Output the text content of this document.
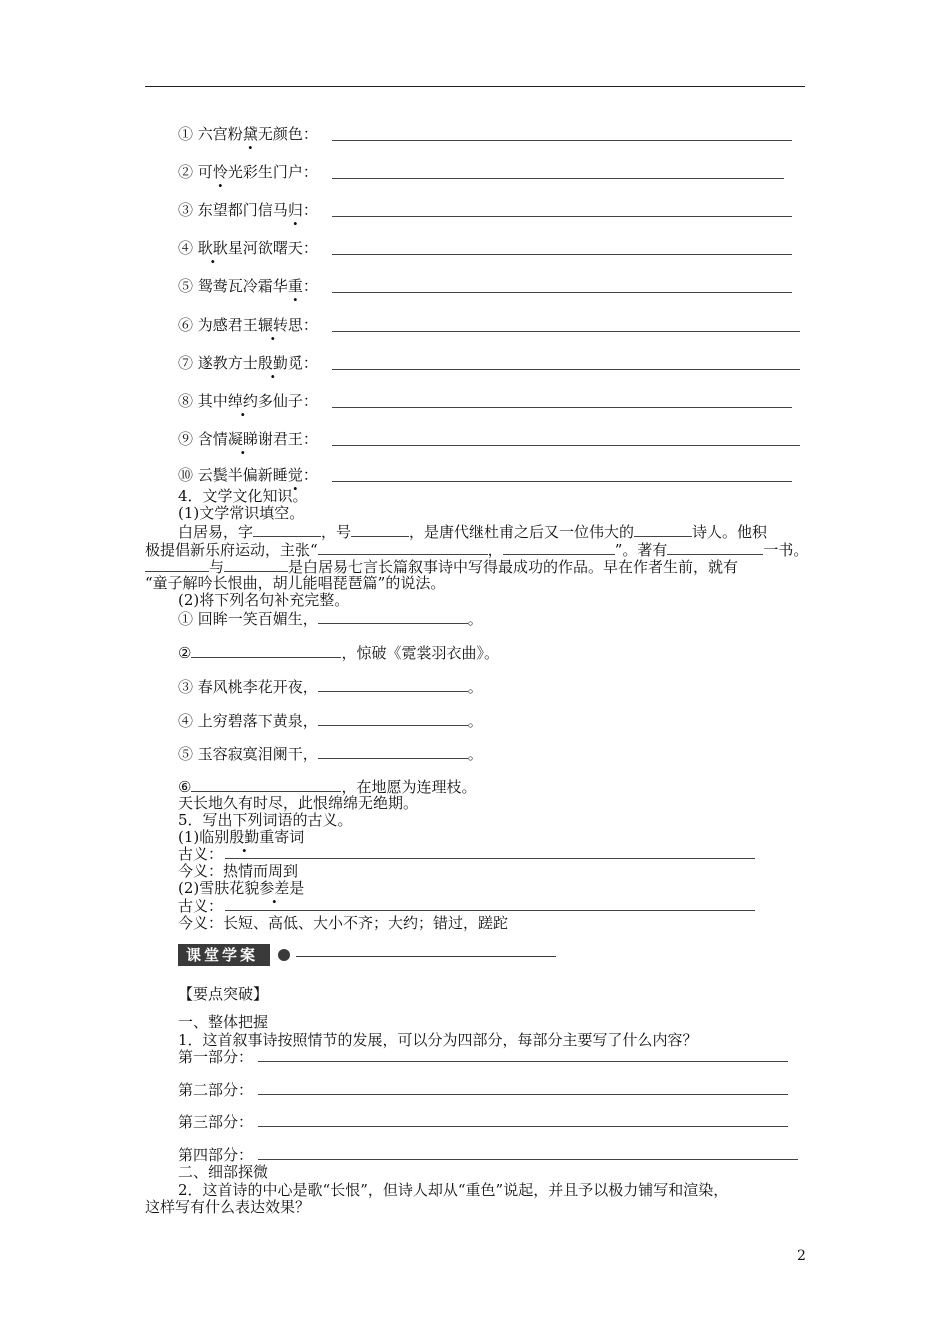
① 六宫粉黛无颜色：
② 可怜光彩生门户：
③ 东望都门信马归：
④ 耿耿星河欲曙天：
⑤ 鸳鸯瓦冷霜华重：
⑥ 为感君王辗转思：
⑦ 遂教方士殷勤觅：
⑧ 其中绰约多仙子：
⑨ 含情凝睇谢君王：
⑩ 云鬓半偏新睡觉：
4．文学文化知识。
(1)文学常识填空。
白居易，字	，号	，是唐代继杜甫之后又一位伟大的	诗人。他积
极提倡新乐府运动，主张“	，	”。著有	一书。
与	是白居易七言长篇叙事诗中写得最成功的作品。早在作者生前，就有
“童子解吟长恨曲，胡儿能唱琵琶篇”的说法。
(2)将下列名句补充完整。
① 回眸一笑百媚生，	。
②	，惊破《霓裳羽衣曲》。
③ 春风桃李花开夜，	。
④ 上穷碧落下黄泉，	。
⑤ 玉容寂寞泪阑干，	。
⑥	，在地愿为连理枝。
天长地久有时尽，此恨绵绵无绝期。
5．写出下列词语的古义。
(1)临别殷勤重寄词
古义：
今义：热情而周到
(2)雪肤花貌参差是
古义：
今义：长短、高低、大小不齐；大约；错过，蹉跎
课堂学案
【要点突破】
一、整体把握
1．这首叙事诗按照情节的发展，可以分为四部分，每部分主要写了什么内容？
第一部分：
第二部分：
第三部分：
第四部分：
二、细部探微
2．这首诗的中心是歌“长恨”，但诗人却从“重色”说起，并且予以极力铺写和渲染，
这样写有什么表达效果？
2
